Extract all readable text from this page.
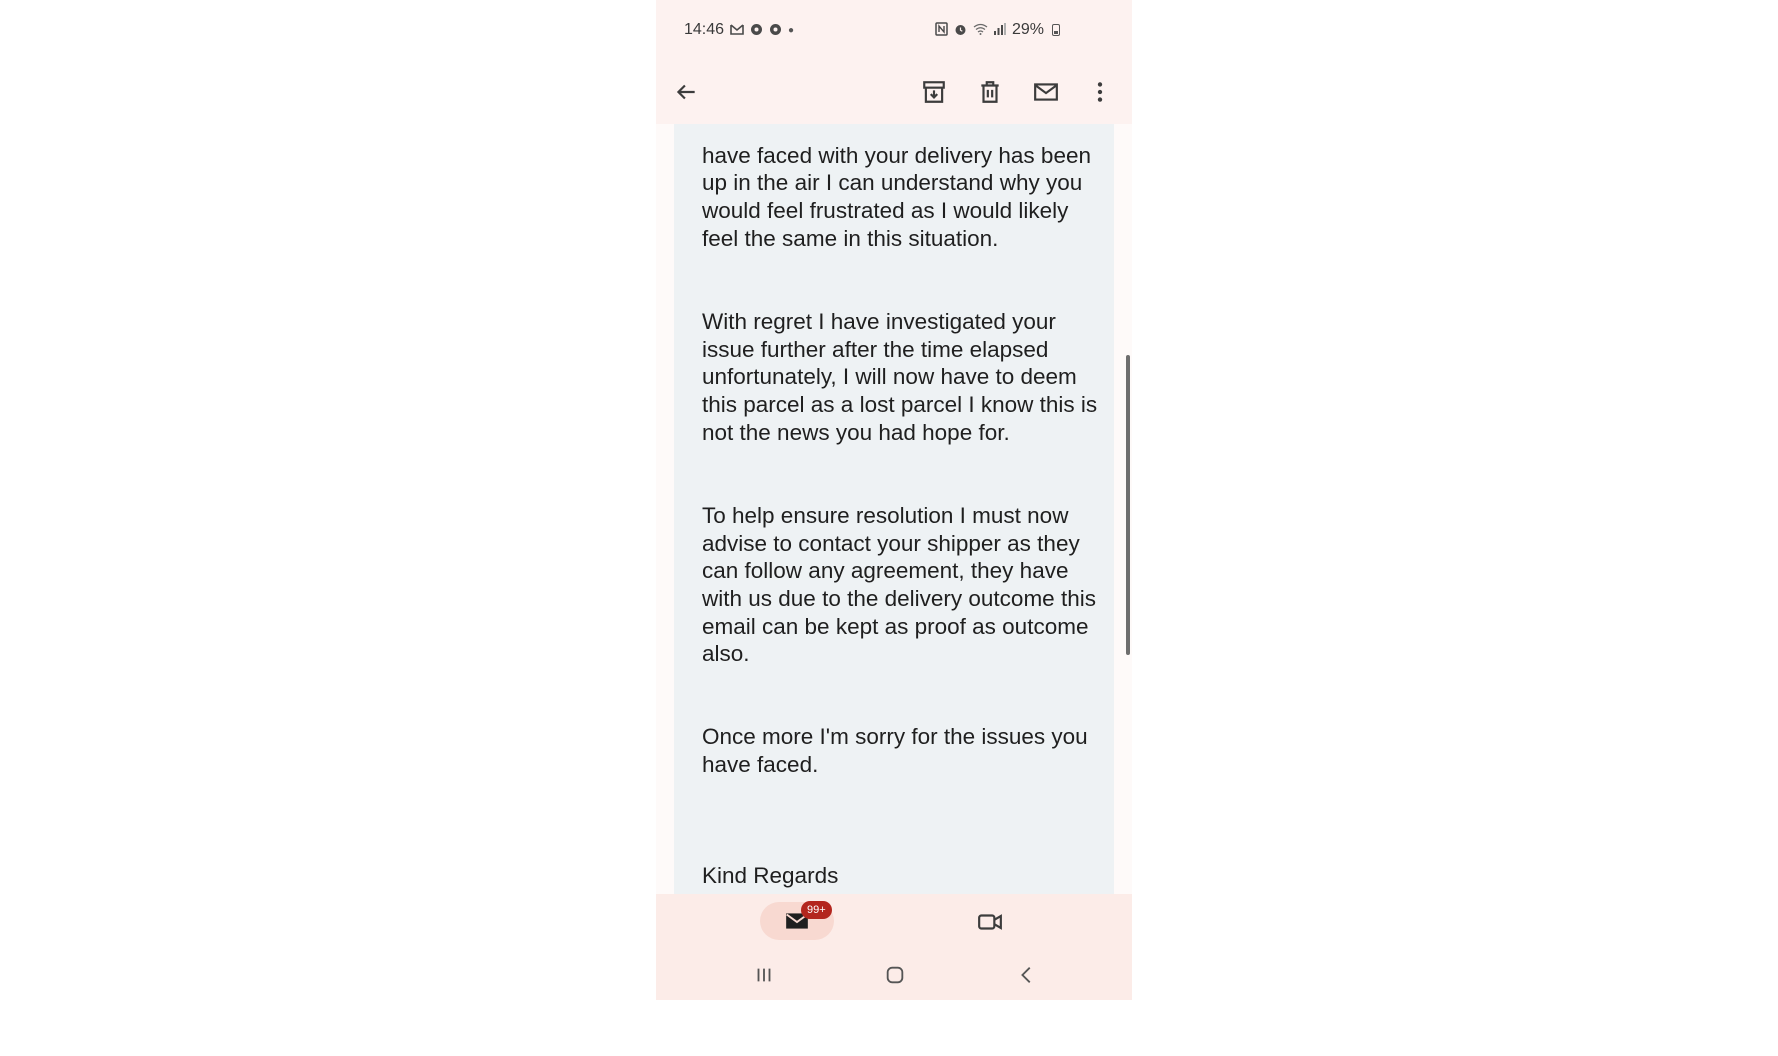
14:46	●	29%

have faced with your delivery has been up in the air I can understand why you would feel frustrated as I would likely feel the same in this situation.

With regret I have investigated your issue further after the time elapsed unfortunately, I will now have to deem this parcel as a lost parcel I know this is not the news you had hope for.

To help ensure resolution I must now advise to contact your shipper as they can follow any agreement, they have with us due to the delivery outcome this email can be kept as proof as outcome also.

Once more I'm sorry for the issues you have faced.

Kind Regards

99+
